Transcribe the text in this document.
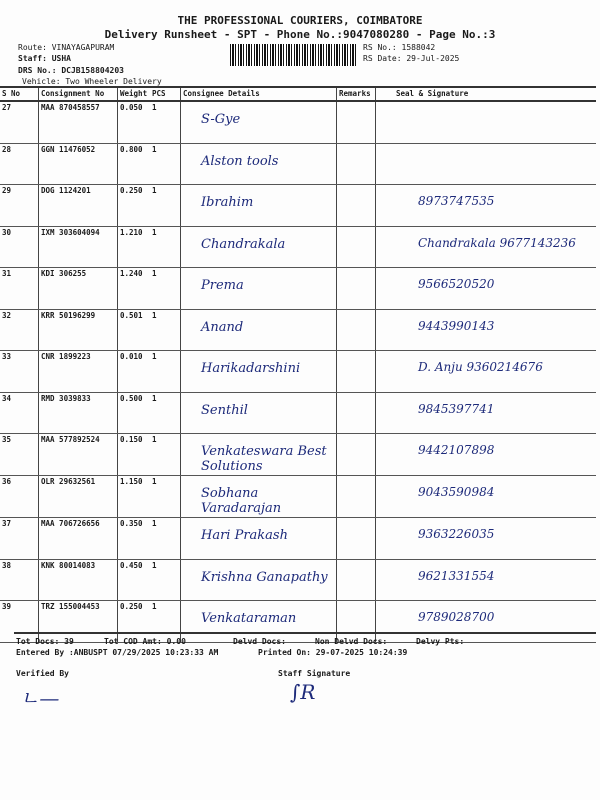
THE PROFESSIONAL COURIERS, COIMBATORE
Delivery Runsheet - SPT - Phone No.:9047080280 - Page No.:3
Route: VINAYAGAPURAM
Staff: USHA
DRS No.: DCJB158804203
Vehicle: Two Wheeler Delivery
RS No.: 1588042
RS Date: 29-Jul-2025
S No	Consignment No	Weight	PCS	Consignee Details	Remarks	Seal & Signature
27	MAA 870458557	0.050	1	S-Gye		

28	GGN 11476052	0.800	1	Alston tools		

29	DOG 1124201	0.250	1	Ibrahim		8973747535

30	IXM 303604094	1.210	1	Chandrakala		Chandrakala 9677143236

31	KDI 306255	1.240	1	Prema		9566520520

32	KRR 50196299	0.501	1	Anand		9443990143

33	CNR 1899223	0.010	1	Harikadarshini		D. Anju 9360214676

34	RMD 3039833	0.500	1	Senthil		9845397741

35	MAA 577892524	0.150	1	Venkateswara Best Solutions		9442107898

36	OLR 29632561	1.150	1	Sobhana Varadarajan		9043590984

37	MAA 706726656	0.350	1	Hari Prakash		9363226035

38	KNK 80014083	0.450	1	Krishna Ganapathy		9621331554

39	TRZ 155004453	0.250	1	Venkataraman		9789028700
Tot Docs: 39	Tot COD Amt: 0.00	Delvd Docs:	Non Delvd Docs:	Delvy Pts:
Entered By :ANBUSPT 07/29/2025 10:23:33 AM	Printed On: 29-07-2025 10:24:39
Verified By	Staff Signature
ㄴ—	∫R
